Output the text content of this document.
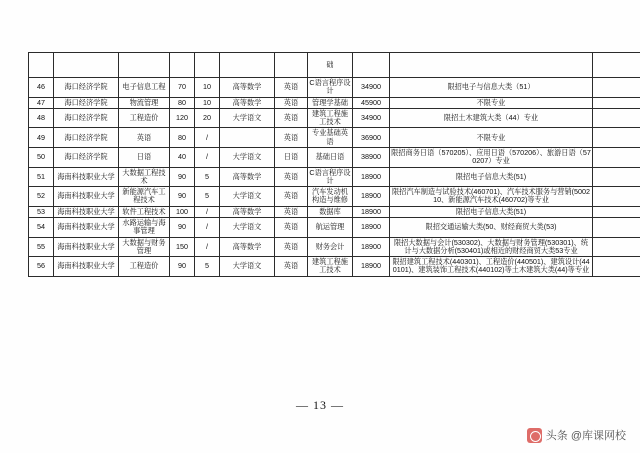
							础			
46	海口经济学院	电子信息工程	70	10	高等数学	英语	C语言程序设计	34900	限招电子与信息大类（51）	
47	海口经济学院	物流管理	80	10	高等数学	英语	管理学基础	45900	不限专业	
48	海口经济学院	工程造价	120	20	大学语文	英语	建筑工程施工技术	34900	限招土木建筑大类（44）专业	
49	海口经济学院	英语	80	/		英语	专业基础英语	36900	不限专业	
50	海口经济学院	日语	40	/	大学语文	日语	基础日语	38900	限招商务日语（570205）、应用日语（570206）、旅游日语（570207）专业	
51	海南科技职业大学	大数据工程技术	90	5	高等数学	英语	C语言程序设计	18900	限招电子信息大类(51)	
52	海南科技职业大学	新能源汽车工程技术	90	5	大学语文	英语	汽车发动机构造与维修	18900	限招汽车制造与试验技术(460701)、汽车技术服务与营销(500210、新能源汽车技术(460702)等专业	
53	海南科技职业大学	软件工程技术	100	/	高等数学	英语	数据库	18900	限招电子信息大类(51)	
54	海南科技职业大学	水路运输与海事管理	90	/	大学语文	英语	航运管理	18900	限招交通运输大类(50、财经商贸大类(53)	
55	海南科技职业大学	大数据与财务管理	150	/	高等数学	英语	财务会计	18900	限招大数据与会计(530302)、大数据与财务管理(530301)、统计与大数据分析(530401)或相近的财经商贸大类53专业	
56	海南科技职业大学	工程造价	90	5	大学语文	英语	建筑工程施工技术	18900	限招建筑工程技术(440301)、工程造价(440501)、建筑设计(440101)、建筑装饰工程技术(440102)等土木建筑大类(44)等专业	
— 13 —
头条 @库课网校
